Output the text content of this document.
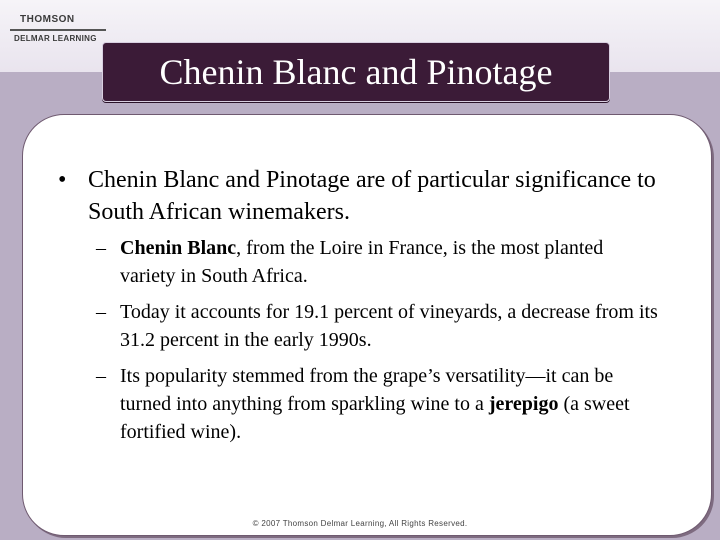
THOMSON
DELMAR LEARNING
Chenin Blanc and Pinotage
• Chenin Blanc and Pinotage are of particular significance to South African winemakers.
– Chenin Blanc, from the Loire in France, is the most planted variety in South Africa.
– Today it accounts for 19.1 percent of vineyards, a decrease from its 31.2 percent in the early 1990s.
– Its popularity stemmed from the grape’s versatility—it can be turned into anything from sparkling wine to a jerepigo (a sweet fortified wine).
© 2007 Thomson Delmar Learning, All Rights Reserved.
